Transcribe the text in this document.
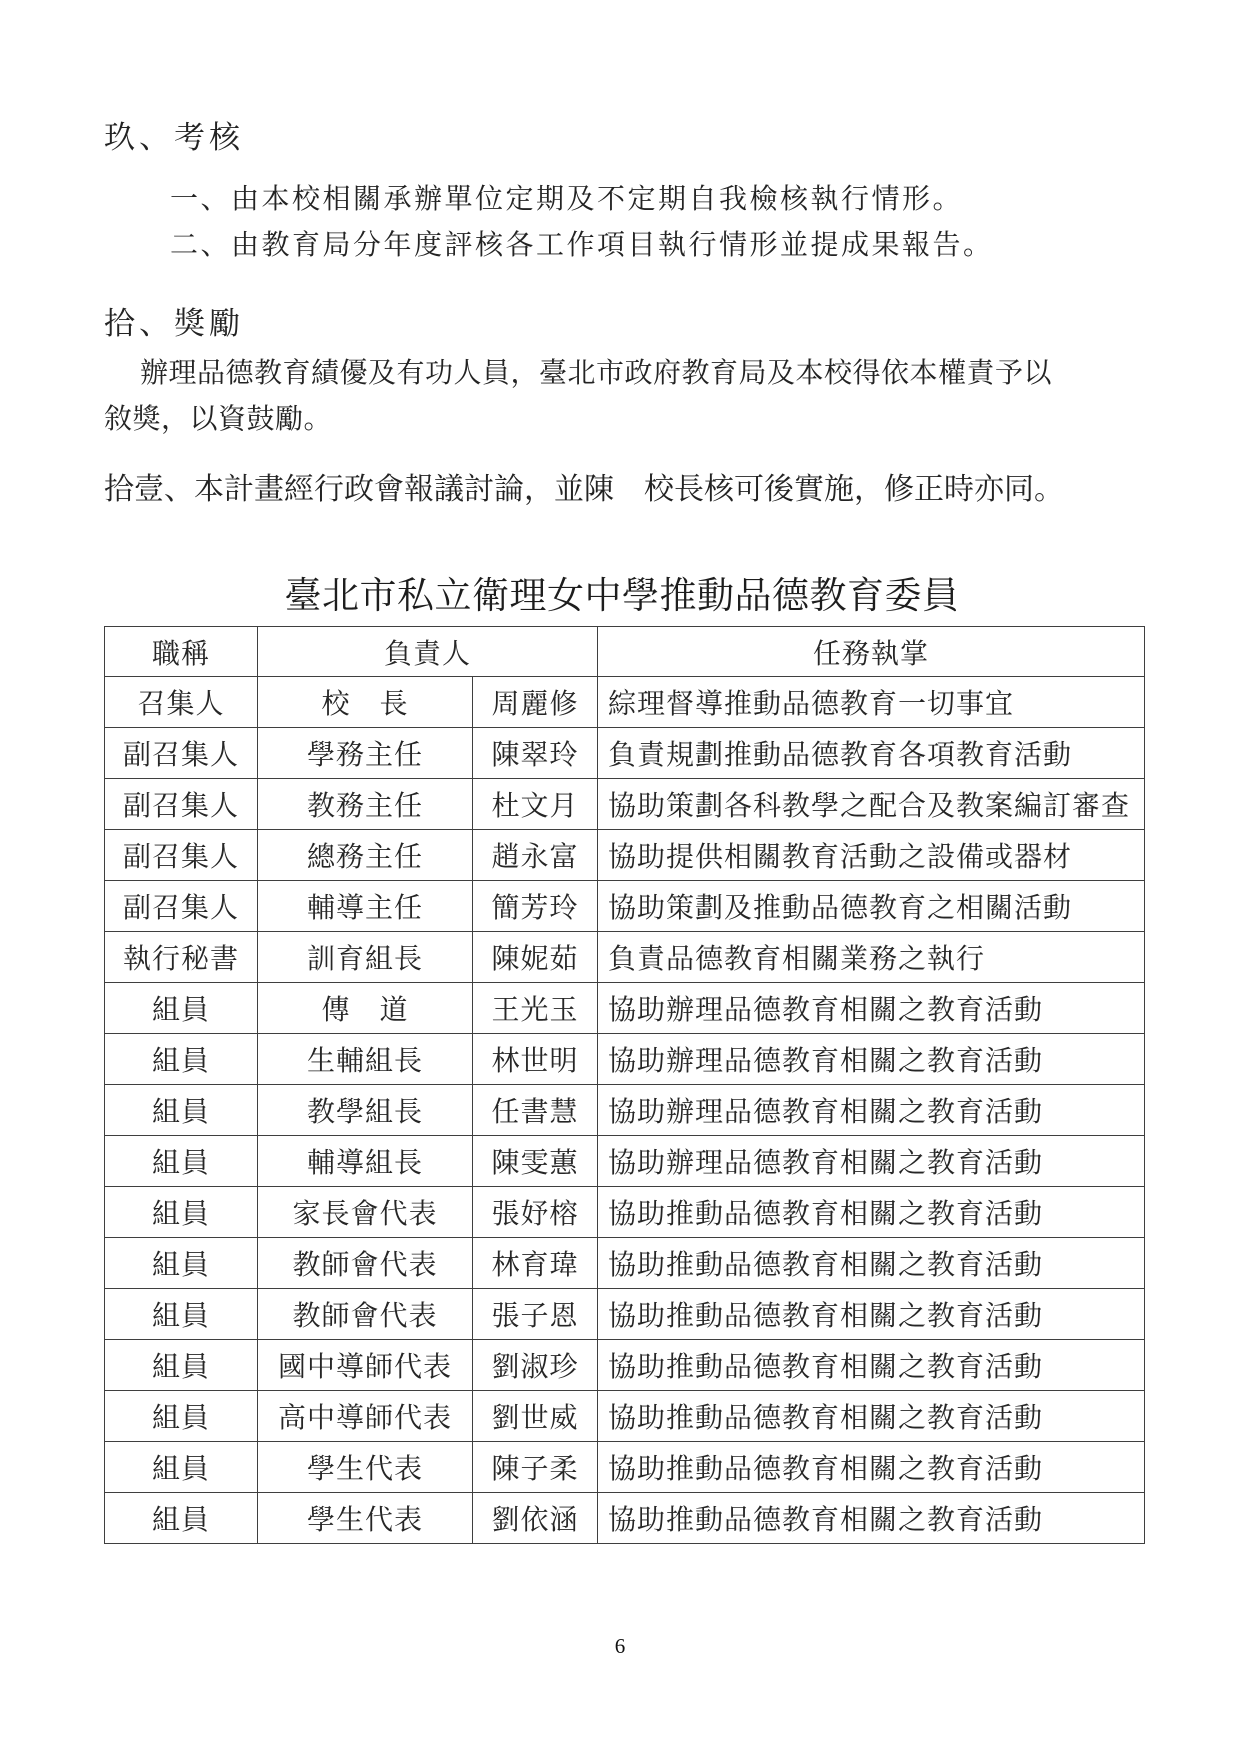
玖、考核
一、由本校相關承辦單位定期及不定期自我檢核執行情形。
二、由教育局分年度評核各工作項目執行情形並提成果報告。
拾、獎勵
辦理品德教育績優及有功人員，臺北市政府教育局及本校得依本權責予以
敘獎，以資鼓勵。
拾壹、本計畫經行政會報議討論，並陳　校長核可後實施，修正時亦同。
臺北市私立衛理女中學推動品德教育委員
職稱	負責人		任務執掌
召集人	校　長	周麗修	綜理督導推動品德教育一切事宜
副召集人	學務主任	陳翠玲	負責規劃推動品德教育各項教育活動
副召集人	教務主任	杜文月	協助策劃各科教學之配合及教案編訂審查
副召集人	總務主任	趙永富	協助提供相關教育活動之設備或器材
副召集人	輔導主任	簡芳玲	協助策劃及推動品德教育之相關活動
執行秘書	訓育組長	陳妮茹	負責品德教育相關業務之執行
組員	傳　道	王光玉	協助辦理品德教育相關之教育活動
組員	生輔組長	林世明	協助辦理品德教育相關之教育活動
組員	教學組長	任書慧	協助辦理品德教育相關之教育活動
組員	輔導組長	陳雯蕙	協助辦理品德教育相關之教育活動
組員	家長會代表	張妤榕	協助推動品德教育相關之教育活動
組員	教師會代表	林育瑋	協助推動品德教育相關之教育活動
組員	教師會代表	張子恩	協助推動品德教育相關之教育活動
組員	國中導師代表	劉淑珍	協助推動品德教育相關之教育活動
組員	高中導師代表	劉世威	協助推動品德教育相關之教育活動
組員	學生代表	陳子柔	協助推動品德教育相關之教育活動
組員	學生代表	劉依涵	協助推動品德教育相關之教育活動
6
